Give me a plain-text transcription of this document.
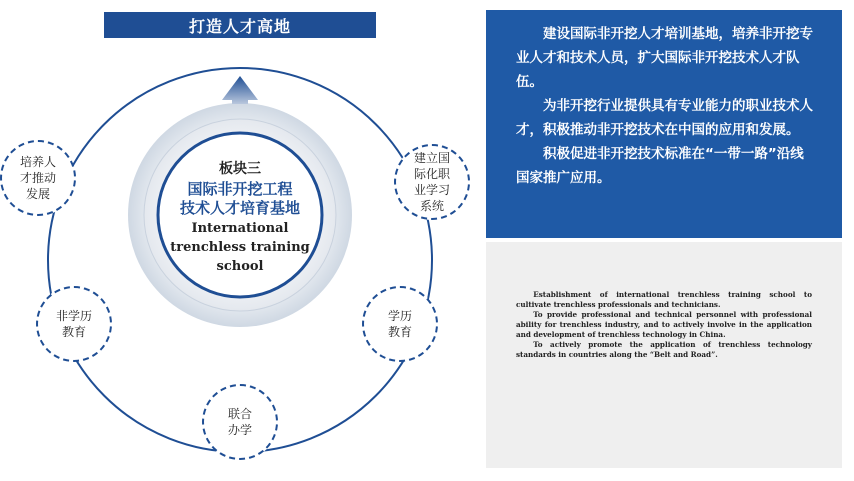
打造人才高地
板块三
国际非开挖工程
技术人才培育基地
International
trenchless training
school
培养人
才推动
发展
建立国
际化职
业学习
系统
非学历
教育
学历
教育
联合
办学

建设国际非开挖人才培训基地，培养非开挖专业人才和技术人员，扩大国际非开挖技术人才队伍。

为非开挖行业提供具有专业能力的职业技术人才，积极推动非开挖技术在中国的应用和发展。

积极促进非开挖技术标准在“一带一路”沿线国家推广应用。

Establishment of international trenchless training school to cultivate trenchless professionals and technicians.

To provide professional and technical personnel with professional ability for trenchless industry, and to actively involve in the application and development of trenchless technology in China.

To actively promote the application of trenchless technology standards in countries along the “Belt and Road”.
